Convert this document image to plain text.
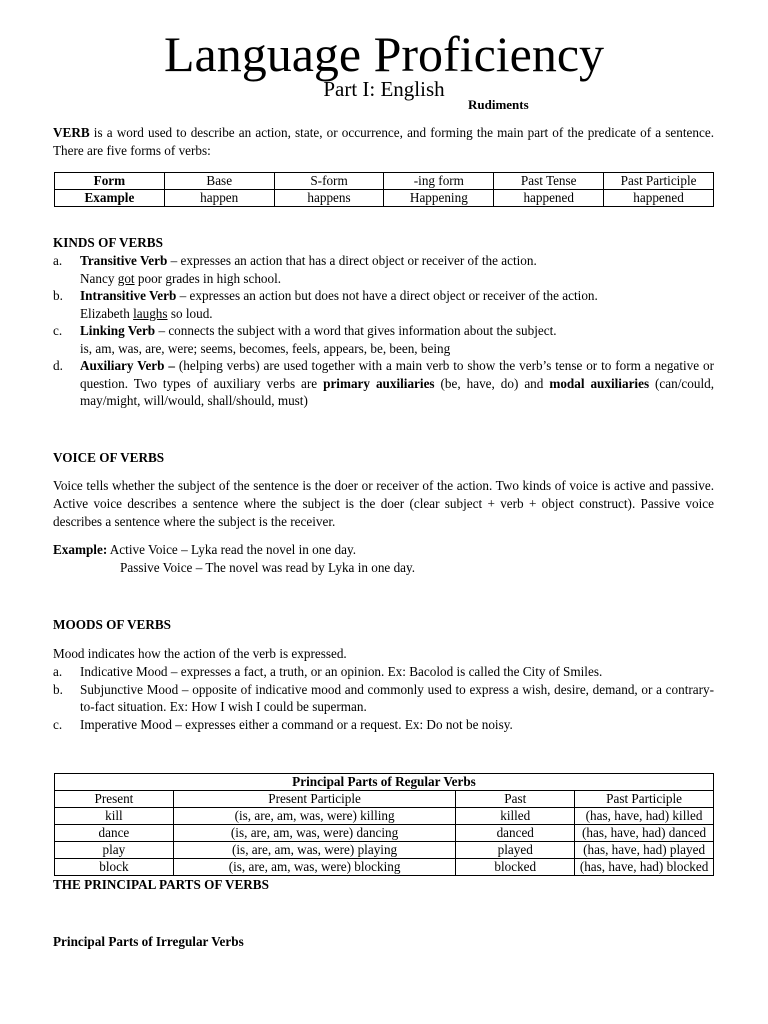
Language Proficiency
Part I: English
Rudiments
VERB is a word used to describe an action, state, or occurrence, and forming the main part of the predicate of a sentence. There are five forms of verbs:
Form	Base	S-form	-ing form	Past Tense	Past Participle
Example	happen	happens	Happening	happened	happened
KINDS OF VERBS
a. Transitive Verb – expresses an action that has a direct object or receiver of the action.
Nancy got poor grades in high school.
b. Intransitive Verb – expresses an action but does not have a direct object or receiver of the action.
Elizabeth laughs so loud.
c. Linking Verb – connects the subject with a word that gives information about the subject.
is, am, was, are, were; seems, becomes, feels, appears, be, been, being
d. Auxiliary Verb – (helping verbs) are used together with a main verb to show the verb’s tense or to form a negative or question. Two types of auxiliary verbs are primary auxiliaries (be, have, do) and modal auxiliaries (can/could, may/might, will/would, shall/should, must)
VOICE OF VERBS
Voice tells whether the subject of the sentence is the doer or receiver of the action. Two kinds of voice is active and passive. Active voice describes a sentence where the subject is the doer (clear subject + verb + object construct). Passive voice describes a sentence where the subject is the receiver.
Example: Active Voice – Lyka read the novel in one day.
Passive Voice – The novel was read by Lyka in one day.
MOODS OF VERBS
Mood indicates how the action of the verb is expressed.
a. Indicative Mood – expresses a fact, a truth, or an opinion. Ex: Bacolod is called the City of Smiles.
b. Subjunctive Mood – opposite of indicative mood and commonly used to express a wish, desire, demand, or a contrary-to-fact situation. Ex: How I wish I could be superman.
c. Imperative Mood – expresses either a command or a request. Ex: Do not be noisy.
Principal Parts of Regular Verbs			
Present	Present Participle	Past	Past Participle
kill	(is, are, am, was, were) killing	killed	(has, have, had) killed
dance	(is, are, am, was, were) dancing	danced	(has, have, had) danced
play	(is, are, am, was, were) playing	played	(has, have, had) played
block	(is, are, am, was, were) blocking	blocked	(has, have, had) blocked
THE PRINCIPAL PARTS OF VERBS
Principal Parts of Irregular Verbs
